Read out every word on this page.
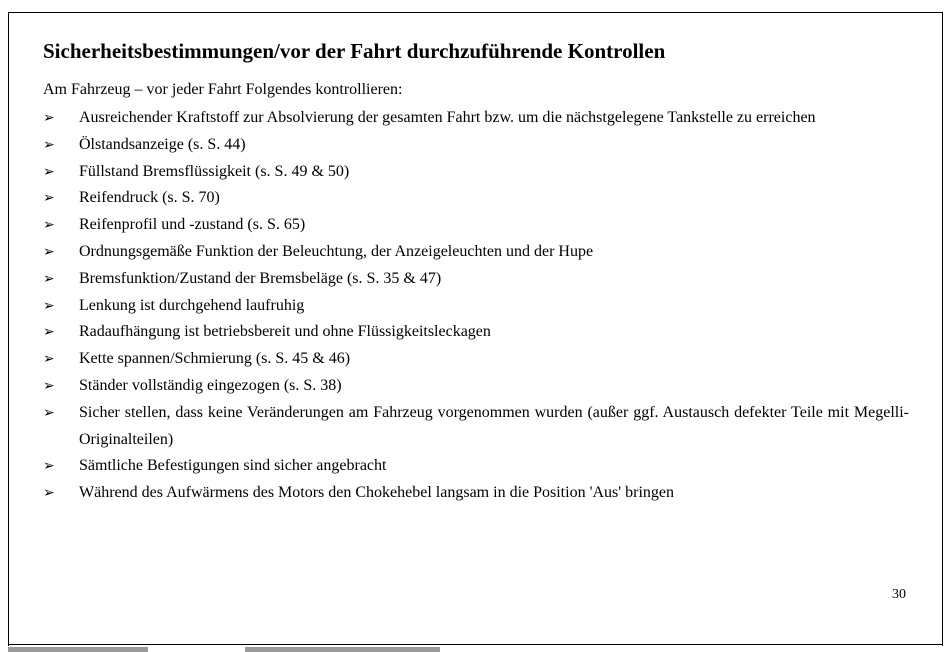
Sicherheitsbestimmungen/vor der Fahrt durchzuführende Kontrollen
Am Fahrzeug – vor jeder Fahrt Folgendes kontrollieren:
➢ Ausreichender Kraftstoff zur Absolvierung der gesamten Fahrt bzw. um die nächstgelegene Tankstelle zu erreichen
➢ Ölstandsanzeige (s. S. 44)
➢ Füllstand Bremsflüssigkeit (s. S. 49 & 50)
➢ Reifendruck (s. S. 70)
➢ Reifenprofil und -zustand (s. S. 65)
➢ Ordnungsgemäße Funktion der Beleuchtung, der Anzeigeleuchten und der Hupe
➢ Bremsfunktion/Zustand der Bremsbeläge (s. S. 35 & 47)
➢ Lenkung ist durchgehend laufruhig
➢ Radaufhängung ist betriebsbereit und ohne Flüssigkeitsleckagen
➢ Kette spannen/Schmierung (s. S. 45 & 46)
➢ Ständer vollständig eingezogen (s. S. 38)
➢ Sicher stellen, dass keine Veränderungen am Fahrzeug vorgenommen wurden (außer ggf. Austausch defekter Teile mit Megelli-Originalteilen)
➢ Sämtliche Befestigungen sind sicher angebracht
➢ Während des Aufwärmens des Motors den Chokehebel langsam in die Position 'Aus' bringen
30
